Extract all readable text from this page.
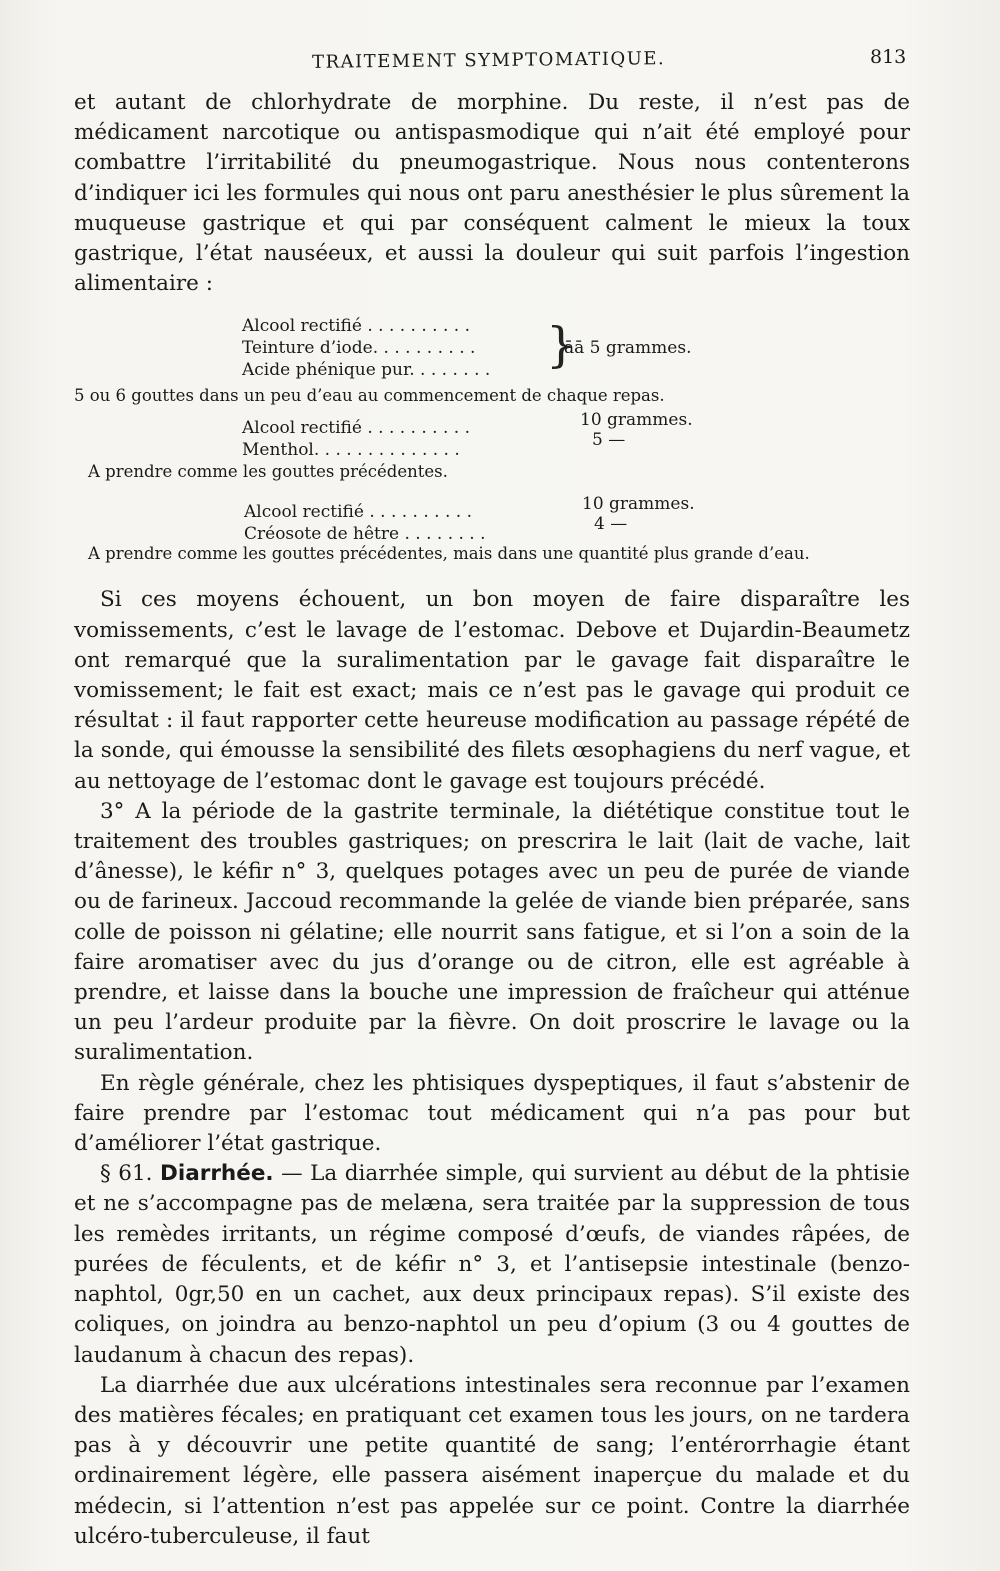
TRAITEMENT SYMPTOMATIQUE.	813

et autant de chlorhydrate de morphine. Du reste, il n’est pas de médicament narcotique ou antispasmodique qui n’ait été employé pour combattre l’irritabilité du pneumogastrique. Nous nous contenterons d’indiquer ici les formules qui nous ont paru anesthésier le plus sûrement la muqueuse gastrique et qui par conséquent calment le mieux la toux gastrique, l’état nauséeux, et aussi la douleur qui suit parfois l’ingestion alimentaire :

Alcool rectifié . . . . . . . . . .
Teinture d’iode. . . . . . . . . .
Acide phénique pur. . . . . . . . }
āā 5 grammes.

5 ou 6 gouttes dans un peu d’eau au commencement de chaque repas.

Alcool rectifié . . . . . . . . . .
Menthol. . . . . . . . . . . . . .
10 grammes.
5 —

A prendre comme les gouttes précédentes.

Alcool rectifié . . . . . . . . . .
Créosote de hêtre . . . . . . . .
10 grammes.
4 —

A prendre comme les gouttes précédentes, mais dans une quantité plus grande d’eau.

Si ces moyens échouent, un bon moyen de faire disparaître les vomissements, c’est le lavage de l’estomac. Debove et Dujardin-Beaumetz ont remarqué que la suralimentation par le gavage fait disparaître le vomissement; le fait est exact; mais ce n’est pas le gavage qui produit ce résultat : il faut rapporter cette heureuse modification au passage répété de la sonde, qui émousse la sensibilité des filets œsophagiens du nerf vague, et au nettoyage de l’estomac dont le gavage est toujours précédé.

3° A la période de la gastrite terminale, la diététique constitue tout le traitement des troubles gastriques; on prescrira le lait (lait de vache, lait d’ânesse), le kéfir n° 3, quelques potages avec un peu de purée de viande ou de farineux. Jaccoud recommande la gelée de viande bien préparée, sans colle de poisson ni gélatine; elle nourrit sans fatigue, et si l’on a soin de la faire aromatiser avec du jus d’orange ou de citron, elle est agréable à prendre, et laisse dans la bouche une impression de fraîcheur qui atténue un peu l’ardeur produite par la fièvre. On doit proscrire le lavage ou la suralimentation.

En règle générale, chez les phtisiques dyspeptiques, il faut s’abstenir de faire prendre par l’estomac tout médicament qui n’a pas pour but d’améliorer l’état gastrique.

§ 61. Diarrhée. — La diarrhée simple, qui survient au début de la phtisie et ne s’accompagne pas de melæna, sera traitée par la suppression de tous les remèdes irritants, un régime composé d’œufs, de viandes râpées, de purées de féculents, et de kéfir n° 3, et l’antisepsie intestinale (benzo-naphtol, 0gr,50 en un cachet, aux deux principaux repas). S’il existe des coliques, on joindra au benzo-naphtol un peu d’opium (3 ou 4 gouttes de laudanum à chacun des repas).

La diarrhée due aux ulcérations intestinales sera reconnue par l’examen des matières fécales; en pratiquant cet examen tous les jours, on ne tardera pas à y découvrir une petite quantité de sang; l’entérorrhagie étant ordinairement légère, elle passera aisément inaperçue du malade et du médecin, si l’attention n’est pas appelée sur ce point. Contre la diarrhée ulcéro-tuberculeuse, il faut
